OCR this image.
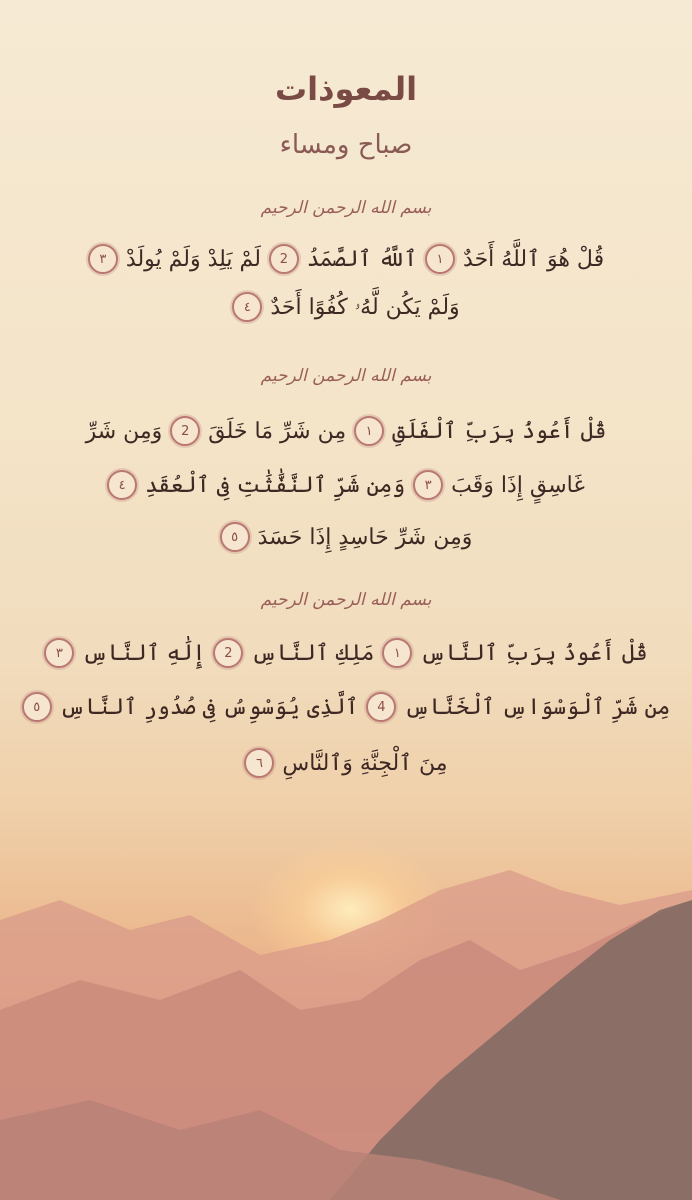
المعوذات
صباح ومساء
بسم الله الرحمن الرحيم
قُلْ هُوَ ٱللَّهُ أَحَدٌ
١
ٱللَّهُ ٱلصَّمَدُ
2
لَمْ يَلِدْ وَلَمْ يُولَدْ
٣
وَلَمْ يَكُن لَّهُۥ كُفُوًا أَحَدٌ
٤
بسم الله الرحمن الرحيم
قُلْ أَعُوذُ بِرَبِّ ٱلْفَلَقِ
١
مِن شَرِّ مَا خَلَقَ
2
وَمِن شَرِّ
غَاسِقٍ إِذَا وَقَبَ
٣
وَمِن شَرِّ ٱلنَّفَّٰثَٰتِ فِى ٱلْعُقَدِ
٤
وَمِن شَرِّ حَاسِدٍ إِذَا حَسَدَ
٥
بسم الله الرحمن الرحيم
قُلْ أَعُوذُ بِرَبِّ ٱلنَّاسِ
١
مَلِكِ ٱلنَّاسِ
2
إِلَٰهِ ٱلنَّاسِ
٣
مِن شَرِّ ٱلْوَسْوَاسِ ٱلْخَنَّاسِ
4
ٱلَّذِى يُوَسْوِسُ فِى صُدُورِ ٱلنَّاسِ
٥
مِنَ ٱلْجِنَّةِ وَٱلنَّاسِ
٦
